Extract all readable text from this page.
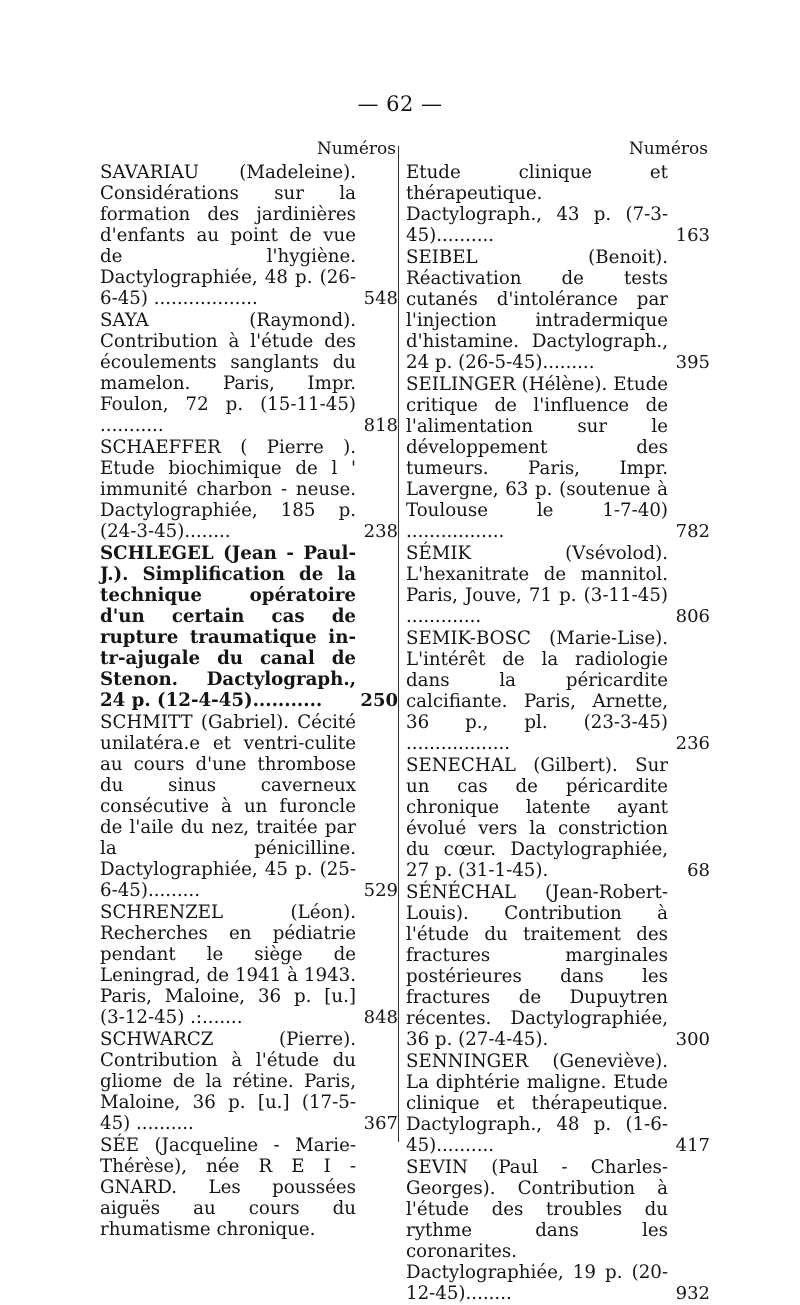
— 62 —
Numéros
SAVARIAU (Madeleine). Considérations sur la formation des jardinières d'enfants au point de vue de l'hygiène. Dactylographiée, 48 p. (26-6-45) ..................	548
SAYA (Raymond). Contribution à l'étude des écoulements sanglants du mamelon. Paris, Impr. Foulon, 72 p. (15-11-45) ...........	818
SCHAEFFER ( Pierre ). Etude biochimique de l ' immunité charbon - neuse. Dactylographiée, 185 p. (24-3-45)........	238
SCHLEGEL (Jean - Paul-J.). Simplification de la technique opératoire d'un certain cas de rupture traumatique in-tr-ajugale du canal de Stenon. Dactylograph., 24 p. (12-4-45)........... 250
SCHMITT (Gabriel). Cécité unilatéra.e et ventri-culite au cours d'une thrombose du sinus caverneux consécutive à un furoncle de l'aile du nez, traitée par la pénicilline. Dactylographiée, 45 p. (25-6-45).........	529
SCHRENZEL (Léon). Recherches en pédiatrie pendant le siège de Leningrad, de 1941 à 1943. Paris, Maloine, 36 p. [u.] (3-12-45) .:.......	848
SCHWARCZ (Pierre). Contribution à l'étude du gliome de la rétine. Paris, Maloine, 36 p. [u.] (17-5-45) ..........	367
SÉE (Jacqueline - Marie-Thérèse), née R E I - GNARD. Les poussées aiguës au cours du rhumatisme chronique.
Numéros
Etude clinique et thérapeutique. Dactylograph., 43 p. (7-3-45)..........	163
SEIBEL (Benoit). Réactivation de tests cutanés d'intolérance par l'injection intradermique d'histamine. Dactylograph., 24 p. (26-5-45).........	395
SEILINGER (Hélène). Etude critique de l'influence de l'alimentation sur le développement des tumeurs. Paris, Impr. Lavergne, 63 p. (soutenue à Toulouse le 1-7-40) .................	782
SÉMIK (Vsévolod). L'hexanitrate de mannitol. Paris, Jouve, 71 p. (3-11-45) .............	806
SEMIK-BOSC (Marie-Lise). L'intérêt de la radiologie dans la péricardite calcifiante. Paris, Arnette, 36 p., pl. (23-3-45) ..................	236
SENECHAL (Gilbert). Sur un cas de péricardite chronique latente ayant évolué vers la constriction du cœur. Dactylographiée, 27 p. (31-1-45).	68
SÉNÉCHAL (Jean-Robert-Louis). Contribution à l'étude du traitement des fractures marginales postérieures dans les fractures de Dupuytren récentes. Dactylographiée, 36 p. (27-4-45).	300
SENNINGER (Geneviève). La diphtérie maligne. Etude clinique et thérapeutique. Dactylograph., 48 p. (1-6-45)..........	417
SEVIN (Paul - Charles-Georges). Contribution à l'étude des troubles du rythme dans les coronarites. Dactylographiée, 19 p. (20-12-45)........	932
